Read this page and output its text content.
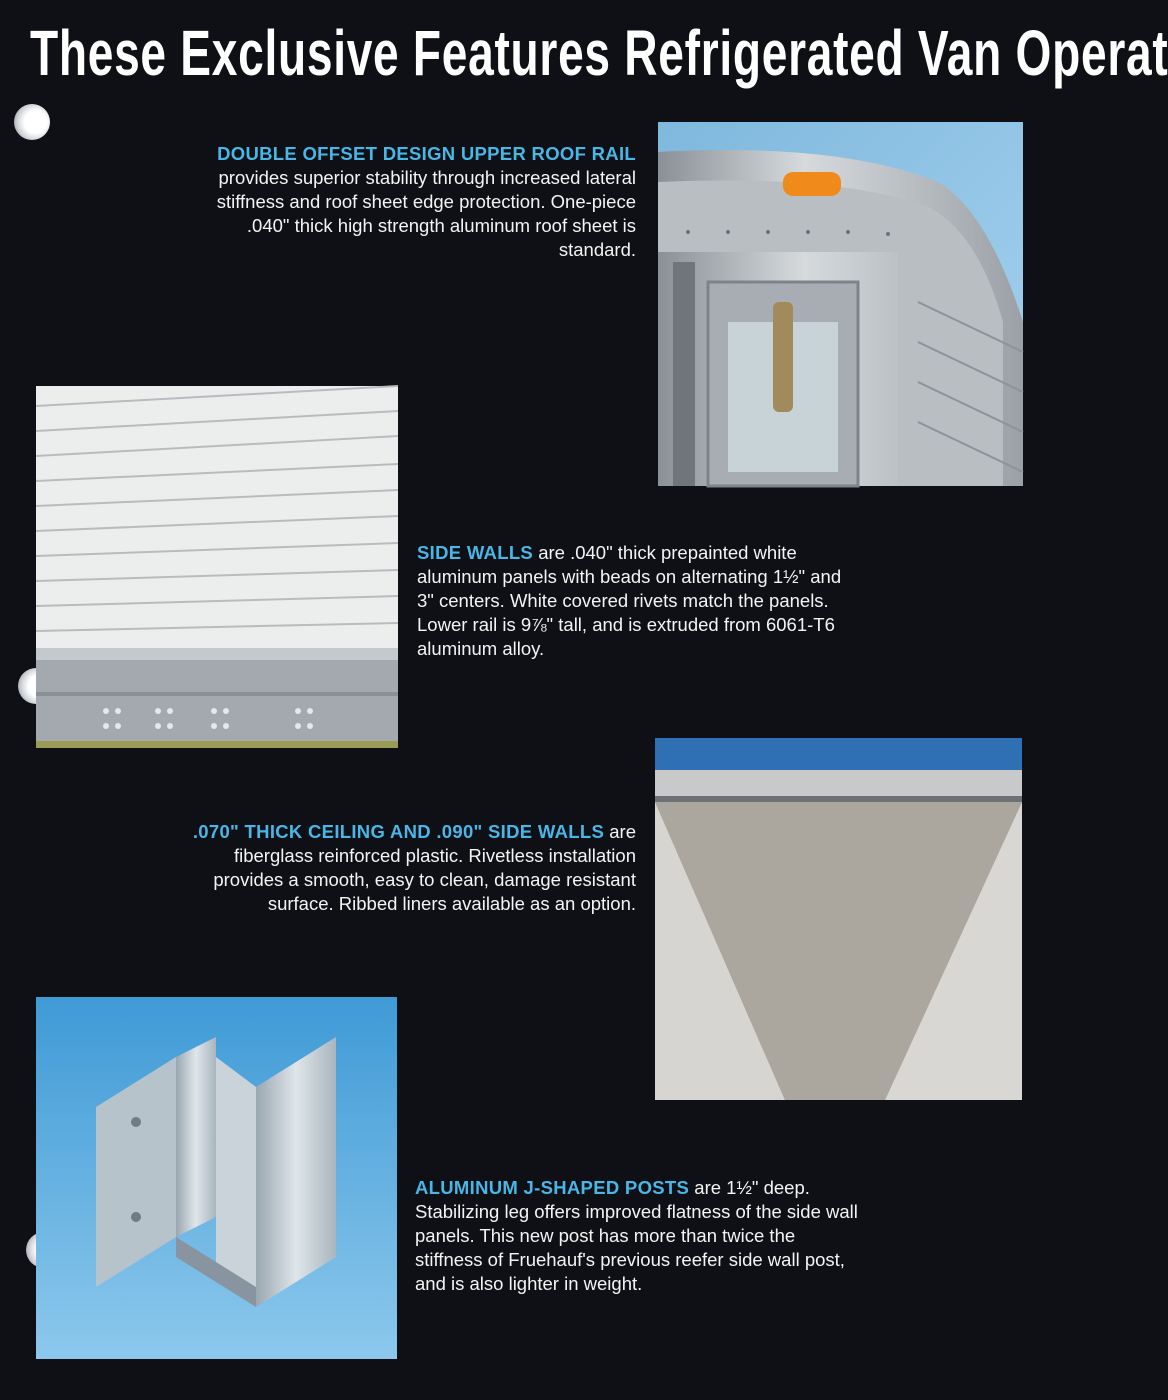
These Exclusive Features Refrigerated Van Operat
DOUBLE OFFSET DESIGN UPPER ROOF RAIL provides superior stability through increased lateral stiffness and roof sheet edge protection. One-piece .040" thick high strength aluminum roof sheet is standard.
SIDE WALLS are .040" thick prepainted white aluminum panels with beads on alternating 1½" and 3" centers. White covered rivets match the panels. Lower rail is 9⅞" tall, and is extruded from 6061-T6 aluminum alloy.
.070" THICK CEILING AND .090" SIDE WALLS are fiberglass reinforced plastic. Rivetless installation provides a smooth, easy to clean, damage resistant surface. Ribbed liners available as an option.
ALUMINUM J-SHAPED POSTS are 1½" deep. Stabilizing leg offers improved flatness of the side wall panels. This new post has more than twice the stiffness of Fruehauf's previous reefer side wall post, and is also lighter in weight.
